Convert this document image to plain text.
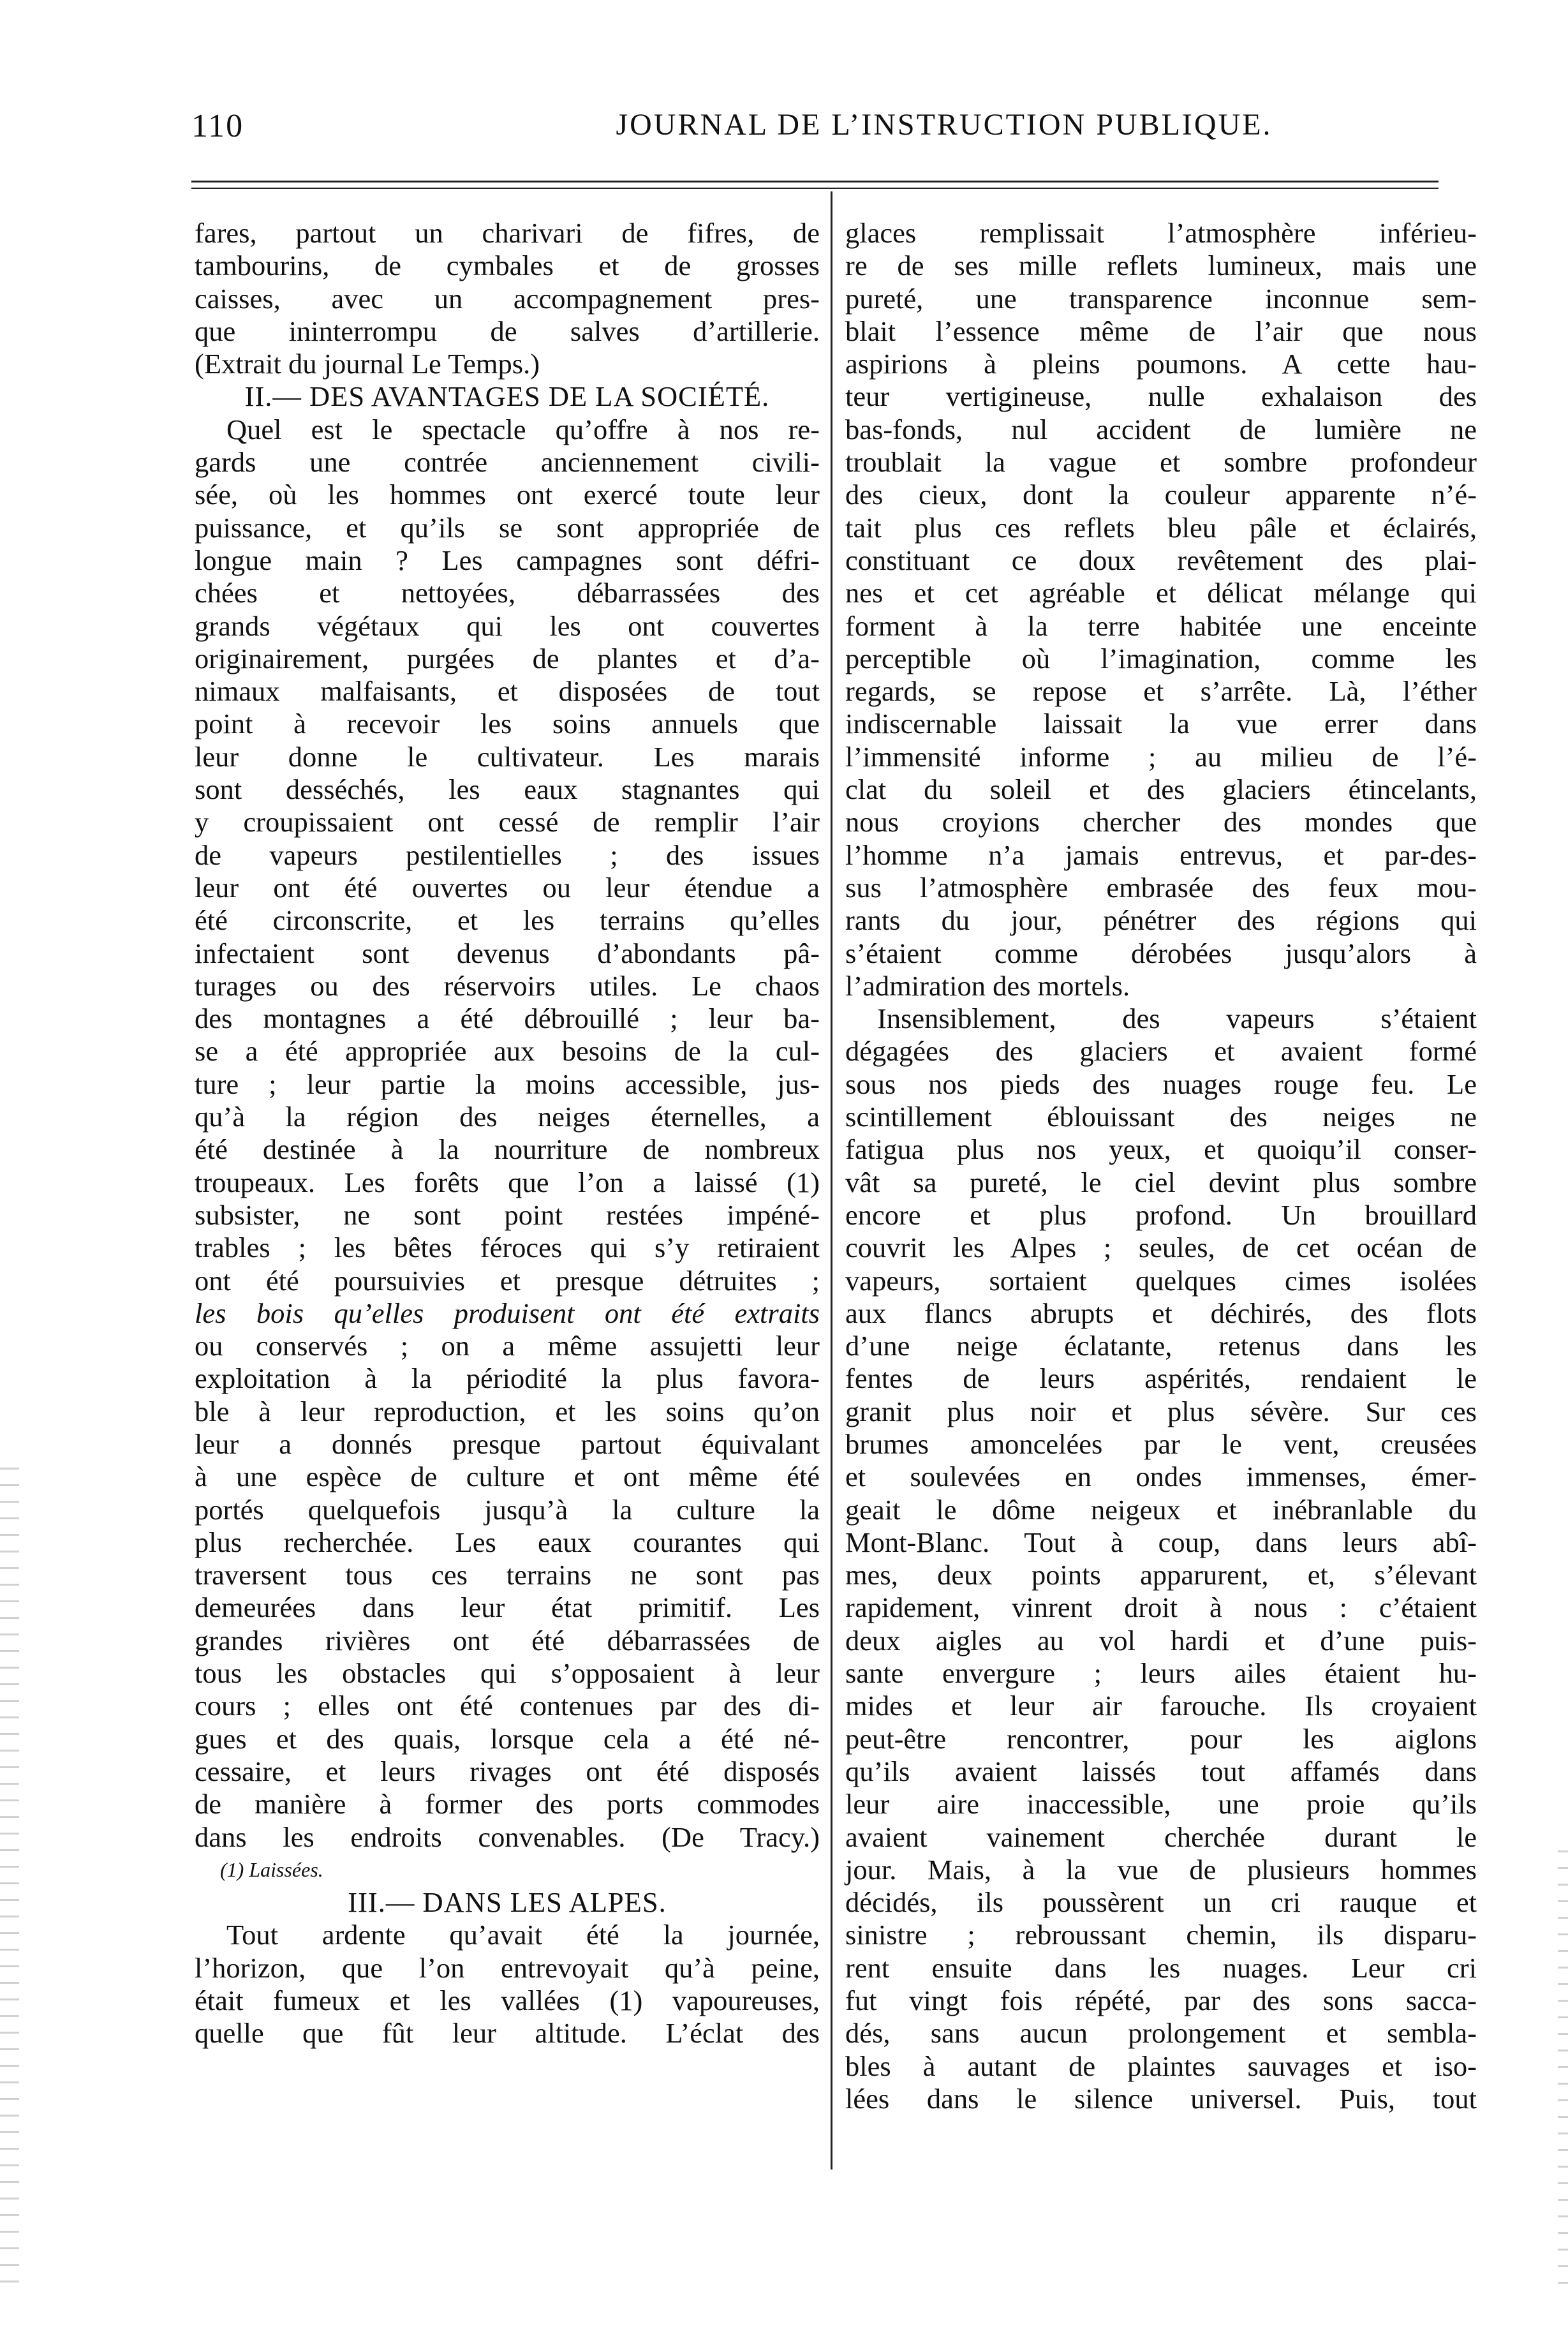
110	JOURNAL DE L’INSTRUCTION PUBLIQUE.
fares, partout un charivari de fifres, de
tambourins, de cymbales et de grosses
caisses, avec un accompagnement pres-
que ininterrompu de salves d’artillerie.
(Extrait du journal Le Temps.)
II.— DES AVANTAGES DE LA SOCIÉTÉ.
Quel est le spectacle qu’offre à nos re-
gards une contrée anciennement civili-
sée, où les hommes ont exercé toute leur
puissance, et qu’ils se sont appropriée de
longue main ? Les campagnes sont défri-
chées et nettoyées, débarrassées des
grands végétaux qui les ont couvertes
originairement, purgées de plantes et d’a-
nimaux malfaisants, et disposées de tout
point à recevoir les soins annuels que
leur donne le cultivateur. Les marais
sont desséchés, les eaux stagnantes qui
y croupissaient ont cessé de remplir l’air
de vapeurs pestilentielles ; des issues
leur ont été ouvertes ou leur étendue a
été circonscrite, et les terrains qu’elles
infectaient sont devenus d’abondants pâ-
turages ou des réservoirs utiles. Le chaos
des montagnes a été débrouillé ; leur ba-
se a été appropriée aux besoins de la cul-
ture ; leur partie la moins accessible, jus-
qu’à la région des neiges éternelles, a
été destinée à la nourriture de nombreux
troupeaux. Les forêts que l’on a laissé (1)
subsister, ne sont point restées impéné-
trables ; les bêtes féroces qui s’y retiraient
ont été poursuivies et presque détruites ;
les bois qu’elles produisent ont été extraits
ou conservés ; on a même assujetti leur
exploitation à la périodité la plus favora-
ble à leur reproduction, et les soins qu’on
leur a donnés presque partout équivalant
à une espèce de culture et ont même été
portés quelquefois jusqu’à la culture la
plus recherchée. Les eaux courantes qui
traversent tous ces terrains ne sont pas
demeurées dans leur état primitif. Les
grandes rivières ont été débarrassées de
tous les obstacles qui s’opposaient à leur
cours ; elles ont été contenues par des di-
gues et des quais, lorsque cela a été né-
cessaire, et leurs rivages ont été disposés
de manière à former des ports commodes
dans les endroits convenables. (De Tracy.)
(1) Laissées.
III.— DANS LES ALPES.
Tout ardente qu’avait été la journée,
l’horizon, que l’on entrevoyait qu’à peine,
était fumeux et les vallées (1) vapoureuses,
quelle que fût leur altitude. L’éclat des
glaces remplissait l’atmosphère inférieu-
re de ses mille reflets lumineux, mais une
pureté, une transparence inconnue sem-
blait l’essence même de l’air que nous
aspirions à pleins poumons. A cette hau-
teur vertigineuse, nulle exhalaison des
bas-fonds, nul accident de lumière ne
troublait la vague et sombre profondeur
des cieux, dont la couleur apparente n’é-
tait plus ces reflets bleu pâle et éclairés,
constituant ce doux revêtement des plai-
nes et cet agréable et délicat mélange qui
forment à la terre habitée une enceinte
perceptible où l’imagination, comme les
regards, se repose et s’arrête. Là, l’éther
indiscernable laissait la vue errer dans
l’immensité informe ; au milieu de l’é-
clat du soleil et des glaciers étincelants,
nous croyions chercher des mondes que
l’homme n’a jamais entrevus, et par-des-
sus l’atmosphère embrasée des feux mou-
rants du jour, pénétrer des régions qui
s’étaient comme dérobées jusqu’alors à
l’admiration des mortels.
Insensiblement, des vapeurs s’étaient
dégagées des glaciers et avaient formé
sous nos pieds des nuages rouge feu. Le
scintillement éblouissant des neiges ne
fatigua plus nos yeux, et quoiqu’il conser-
vât sa pureté, le ciel devint plus sombre
encore et plus profond. Un brouillard
couvrit les Alpes ; seules, de cet océan de
vapeurs, sortaient quelques cimes isolées
aux flancs abrupts et déchirés, des flots
d’une neige éclatante, retenus dans les
fentes de leurs aspérités, rendaient le
granit plus noir et plus sévère. Sur ces
brumes amoncelées par le vent, creusées
et soulevées en ondes immenses, émer-
geait le dôme neigeux et inébranlable du
Mont-Blanc. Tout à coup, dans leurs abî-
mes, deux points apparurent, et, s’élevant
rapidement, vinrent droit à nous : c’étaient
deux aigles au vol hardi et d’une puis-
sante envergure ; leurs ailes étaient hu-
mides et leur air farouche. Ils croyaient
peut-être rencontrer, pour les aiglons
qu’ils avaient laissés tout affamés dans
leur aire inaccessible, une proie qu’ils
avaient vainement cherchée durant le
jour. Mais, à la vue de plusieurs hommes
décidés, ils poussèrent un cri rauque et
sinistre ; rebroussant chemin, ils disparu-
rent ensuite dans les nuages. Leur cri
fut vingt fois répété, par des sons sacca-
dés, sans aucun prolongement et sembla-
bles à autant de plaintes sauvages et iso-
lées dans le silence universel. Puis, tout
